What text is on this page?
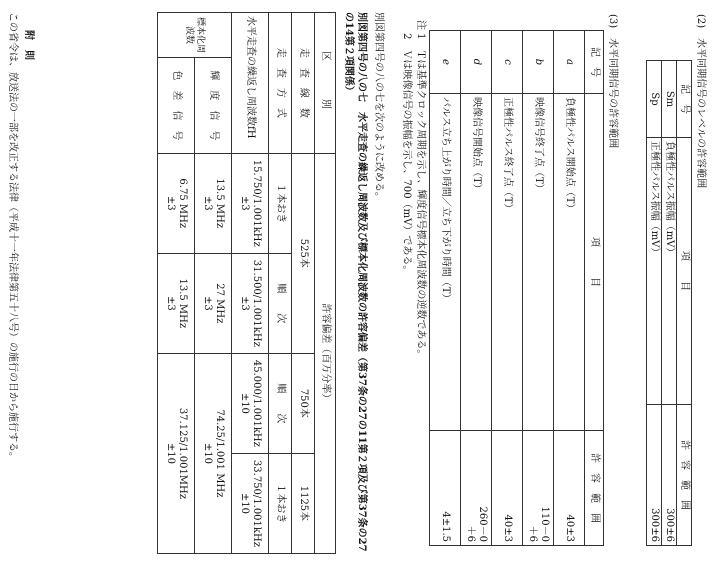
(2)　水平同期信号のレベルの許容範囲
記　号	項　　目	許　容　範　囲
Sm	負極性パルス振幅（mV）	300±6
Sp	正極性パルス振幅（mV）	300±6
(3)　水平同期信号の許容範囲
記　号	項　　　目	許　容　範　囲
a	負極性パルス開始点（T）	40±3
b	映像信号終了点（T）	110－0
＋6
c	正極性パルス終了点（T）	40±3
d	映像信号開始点（T）	260－0
＋6
e	パルス立ち上がり時間／立ち下がり時間（T）	4±1.5
注 1　Ｔは基準クロック周期を示し、輝度信号標本化周波数の逆数である。
　 2　Ｖは映像信号の振幅を示し、700（mV）である。
別図第四号の八の七を次のように改める。
別図第四号の八の七　水平走査の繰返し周波数及び標本化周波数の許容偏差（第37条の27の11第２項及び第37条の27の14第２項関係）
区　　別		許容偏差（百万分率）			
走　査　線　数		525本		750本	1125本
走　査　方　式		１本おき	順　　次	順　　次	１本おき
水平走査の繰返し周波数fH		15.750/1.001kHz
±3	31.500/1.001kHz
±3	45.000/1.001kHz
±10	33.750/1.001kHz
±10
標本化周波数	輝　度　信　号	13.5 MHz
±3	27 MHz
±3	74.25/1.001 MHz
±10	
	色　差　信　号	6.75 MHz
±3	13.5 MHz
±3	37.125/1.001MHz
±10	
附　則
この省令は、放送法の一部を改正する法律（平成十一年法律第五十八号）の施行の日から施行する。
